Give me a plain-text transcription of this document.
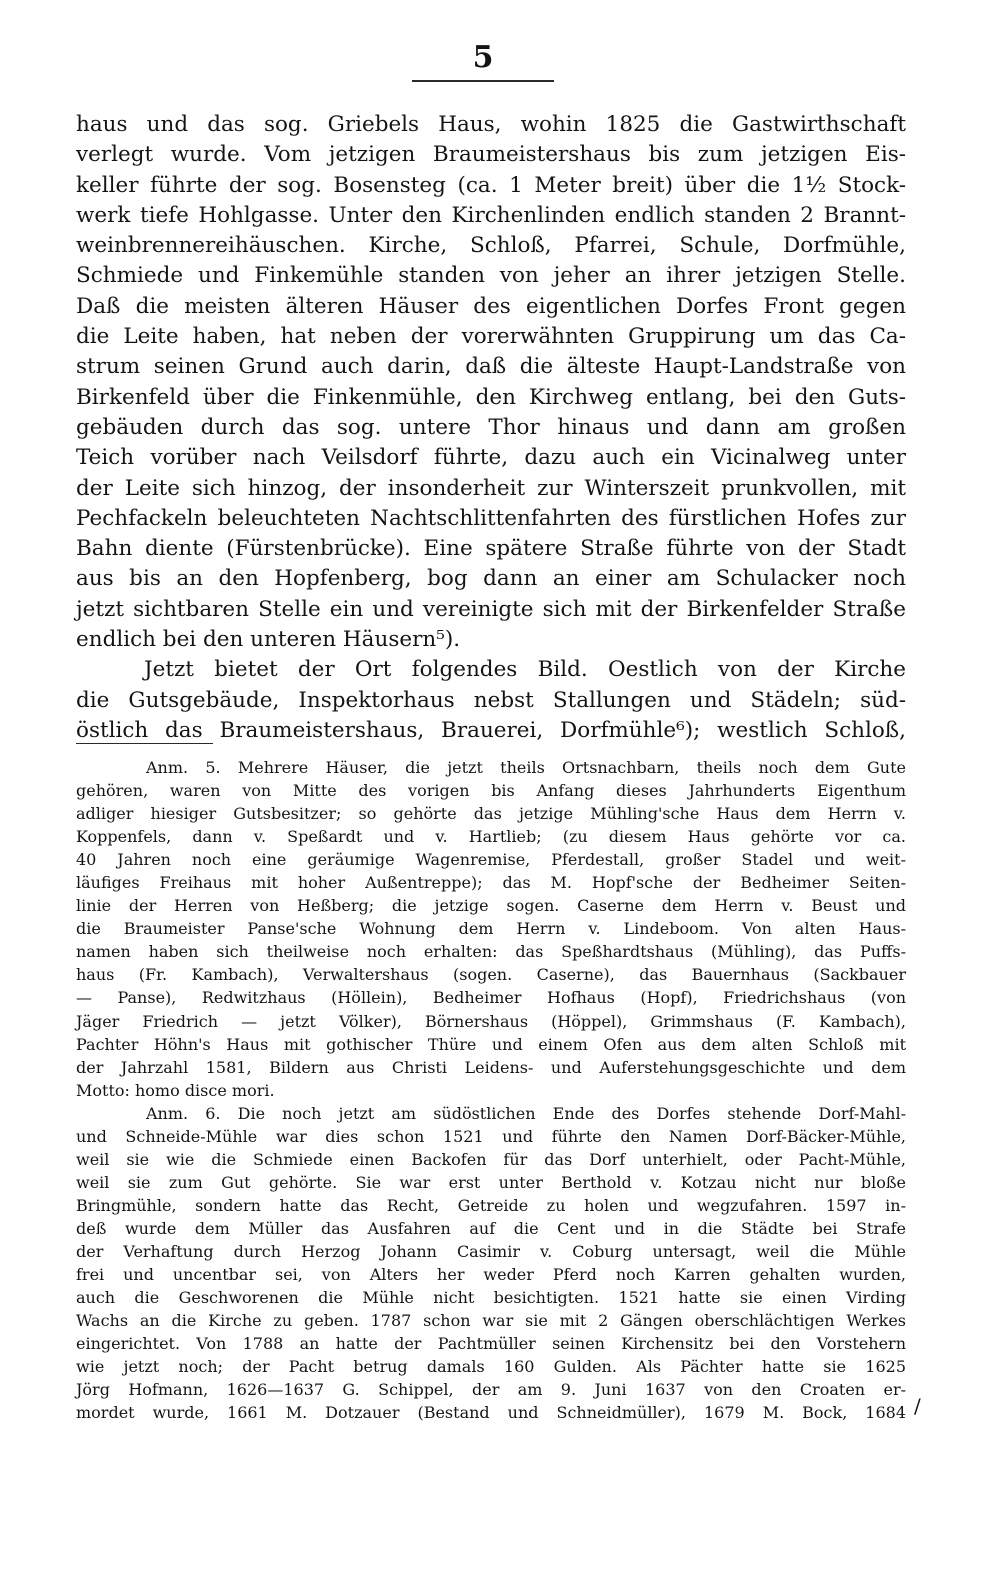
5
haus und das sog. Griebels Haus, wohin 1825 die Gastwirthschaft
verlegt wurde. Vom jetzigen Braumeistershaus bis zum jetzigen Eis-
keller führte der sog. Bosensteg (ca. 1 Meter breit) über die 1½ Stock-
werk tiefe Hohlgasse. Unter den Kirchenlinden endlich standen 2 Brannt-
weinbrennereihäuschen. Kirche, Schloß, Pfarrei, Schule, Dorfmühle,
Schmiede und Finkemühle standen von jeher an ihrer jetzigen Stelle.
Daß die meisten älteren Häuser des eigentlichen Dorfes Front gegen
die Leite haben, hat neben der vorerwähnten Gruppirung um das Ca-
strum seinen Grund auch darin, daß die älteste Haupt-Landstraße von
Birkenfeld über die Finkenmühle, den Kirchweg entlang, bei den Guts-
gebäuden durch das sog. untere Thor hinaus und dann am großen
Teich vorüber nach Veilsdorf führte, dazu auch ein Vicinalweg unter
der Leite sich hinzog, der insonderheit zur Winterszeit prunkvollen, mit
Pechfackeln beleuchteten Nachtschlittenfahrten des fürstlichen Hofes zur
Bahn diente (Fürstenbrücke). Eine spätere Straße führte von der Stadt
aus bis an den Hopfenberg, bog dann an einer am Schulacker noch
jetzt sichtbaren Stelle ein und vereinigte sich mit der Birkenfelder Straße
endlich bei den unteren Häusern⁵).
Jetzt bietet der Ort folgendes Bild. Oestlich von der Kirche
die Gutsgebäude, Inspektorhaus nebst Stallungen und Städeln; süd-
östlich das Braumeistershaus, Brauerei, Dorfmühle⁶); westlich Schloß,
Anm. 5. Mehrere Häuser, die jetzt theils Ortsnachbarn, theils noch dem Gute
gehören, waren von Mitte des vorigen bis Anfang dieses Jahrhunderts Eigenthum
adliger hiesiger Gutsbesitzer; so gehörte das jetzige Mühling'sche Haus dem Herrn v.
Koppenfels, dann v. Speßardt und v. Hartlieb; (zu diesem Haus gehörte vor ca.
40 Jahren noch eine geräumige Wagenremise, Pferdestall, großer Stadel und weit-
läufiges Freihaus mit hoher Außentreppe); das M. Hopf'sche der Bedheimer Seiten-
linie der Herren von Heßberg; die jetzige sogen. Caserne dem Herrn v. Beust und
die Braumeister Panse'sche Wohnung dem Herrn v. Lindeboom. Von alten Haus-
namen haben sich theilweise noch erhalten: das Speßhardtshaus (Mühling), das Puffs-
haus (Fr. Kambach), Verwaltershaus (sogen. Caserne), das Bauernhaus (Sackbauer
— Panse), Redwitzhaus (Höllein), Bedheimer Hofhaus (Hopf), Friedrichshaus (von
Jäger Friedrich — jetzt Völker), Börnershaus (Höppel), Grimmshaus (F. Kambach),
Pachter Höhn's Haus mit gothischer Thüre und einem Ofen aus dem alten Schloß mit
der Jahrzahl 1581, Bildern aus Christi Leidens- und Auferstehungsgeschichte und dem
Motto: homo disce mori.
Anm. 6. Die noch jetzt am südöstlichen Ende des Dorfes stehende Dorf-Mahl-
und Schneide-Mühle war dies schon 1521 und führte den Namen Dorf-Bäcker-Mühle,
weil sie wie die Schmiede einen Backofen für das Dorf unterhielt, oder Pacht-Mühle,
weil sie zum Gut gehörte. Sie war erst unter Berthold v. Kotzau nicht nur bloße
Bringmühle, sondern hatte das Recht, Getreide zu holen und wegzufahren. 1597 in-
deß wurde dem Müller das Ausfahren auf die Cent und in die Städte bei Strafe
der Verhaftung durch Herzog Johann Casimir v. Coburg untersagt, weil die Mühle
frei und uncentbar sei, von Alters her weder Pferd noch Karren gehalten wurden,
auch die Geschworenen die Mühle nicht besichtigten. 1521 hatte sie einen Virding
Wachs an die Kirche zu geben. 1787 schon war sie mit 2 Gängen oberschlächtigen Werkes
eingerichtet. Von 1788 an hatte der Pachtmüller seinen Kirchensitz bei den Vorstehern
wie jetzt noch; der Pacht betrug damals 160 Gulden. Als Pächter hatte sie 1625
Jörg Hofmann, 1626—1637 G. Schippel, der am 9. Juni 1637 von den Croaten er-
mordet wurde, 1661 M. Dotzauer (Bestand und Schneidmüller), 1679 M. Bock, 1684 /
